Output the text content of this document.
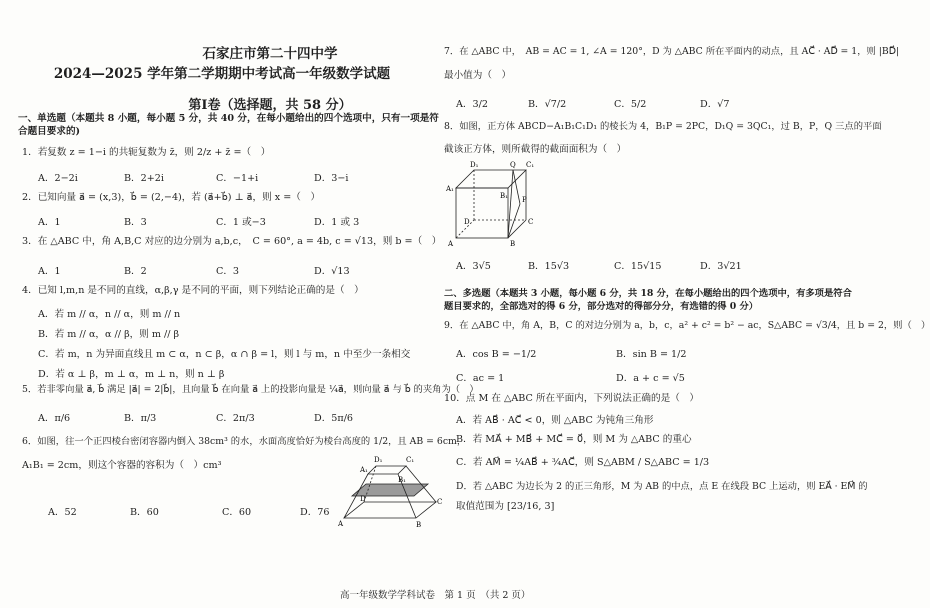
石家庄市第二十四中学
2024—2025 学年第二学期期中考试高一年级数学试题
第Ⅰ卷（选择题，共 58 分）
一、单选题（本题共 8 小题，每小题 5 分，共 40 分，在每小题给出的四个选项中，只有一项是符
合题目要求的)
1．若复数 z = 1−i 的共轭复数为 z̄，则 2/z + z̄ =（　）
A．2−2i	B．2+2i	C．−1+i	D．3−i
2．已知向量 a⃗ = (x,3)，b⃗ = (2,−4)，若 (a⃗+b⃗) ⊥ a⃗，则 x =（　）
A．1	B．3	C．1 或−3	D．1 或 3
3．在 △ABC 中，角 A,B,C 对应的边分别为 a,b,c，　C = 60°, a = 4b, c = √13，则 b =（　）
A．1	B．2	C．3	D．√13
4．已知 l,m,n 是不同的直线，α,β,γ 是不同的平面，则下列结论正确的是（　）
A．若 m // α，n // α，则 m // n
B．若 m // α，α // β，则 m // β
C．若 m，n 为异面直线且 m ⊂ α，n ⊂ β，α ∩ β = l，则 l 与 m，n 中至少一条相交
D．若 α ⊥ β，m ⊥ α，m ⊥ n，则 n ⊥ β
5．若非零向量 a⃗, b⃗ 满足 |a⃗| = 2|b⃗|，且向量 b⃗ 在向量 a⃗ 上的投影向量是 ¼a⃗，则向量 a⃗ 与 b⃗ 的夹角为（　）
A．π/6	B．π/3	C．2π/3	D．5π/6
6．如图，往一个正四棱台密闭容器内倒入 38cm³ 的水，水面高度恰好为棱台高度的 1/2，且 AB = 6cm，
A₁B₁ = 2cm，则这个容器的容积为（　）cm³
A．52	B．60	C．60	D．76
A₁
D₁	C₁
B₁
A
D	C
B
7．在 △ABC 中，　AB = AC = 1, ∠A = 120°，D 为 △ABC 所在平面内的动点，且 AC⃗ · AD⃗ = 1，则 |BD⃗|
最小值为（　）
A．3/2	B．√7/2	C．5/2	D．√7
8．如图，正方体 ABCD−A₁B₁C₁D₁ 的棱长为 4，B₁P = 2PC，D₁Q = 3QC₁，过 B，P，Q 三点的平面
截该正方体，则所截得的截面面积为（　）
D₁	Q C₁
A₁
B₁ P
D	C
A	B
A．3√5	B．15√3	C．15√15	D．3√21
二、多选题（本题共 3 小题，每小题 6 分，共 18 分，在每小题给出的四个选项中，有多项是符合
题目要求的，全部选对的得 6 分，部分选对的得部分分，有选错的得 0 分）
9．在 △ABC 中，角 A，B，C 的对边分别为 a，b，c，a² + c² = b² − ac，S△ABC = √3/4，且 b = 2，则（　）
A．cos B = −1/2	B．sin B = 1/2
C．ac = 1	D．a + c = √5
10．点 M 在 △ABC 所在平面内，下列说法正确的是（　）
A．若 AB⃗ · AC⃗ < 0，则 △ABC 为钝角三角形
B．若 MA⃗ + MB⃗ + MC⃗ = 0⃗，则 M 为 △ABC 的重心
C．若 AM⃗ = ¼AB⃗ + ¾AC⃗，则 S△ABM / S△ABC = 1/3
D．若 △ABC 为边长为 2 的正三角形，M 为 AB 的中点，点 E 在线段 BC 上运动，则 EA⃗ · EM⃗ 的
取值范围为 [23/16, 3]
高一年级数学学科试卷　第 1 页　（共 2 页）
